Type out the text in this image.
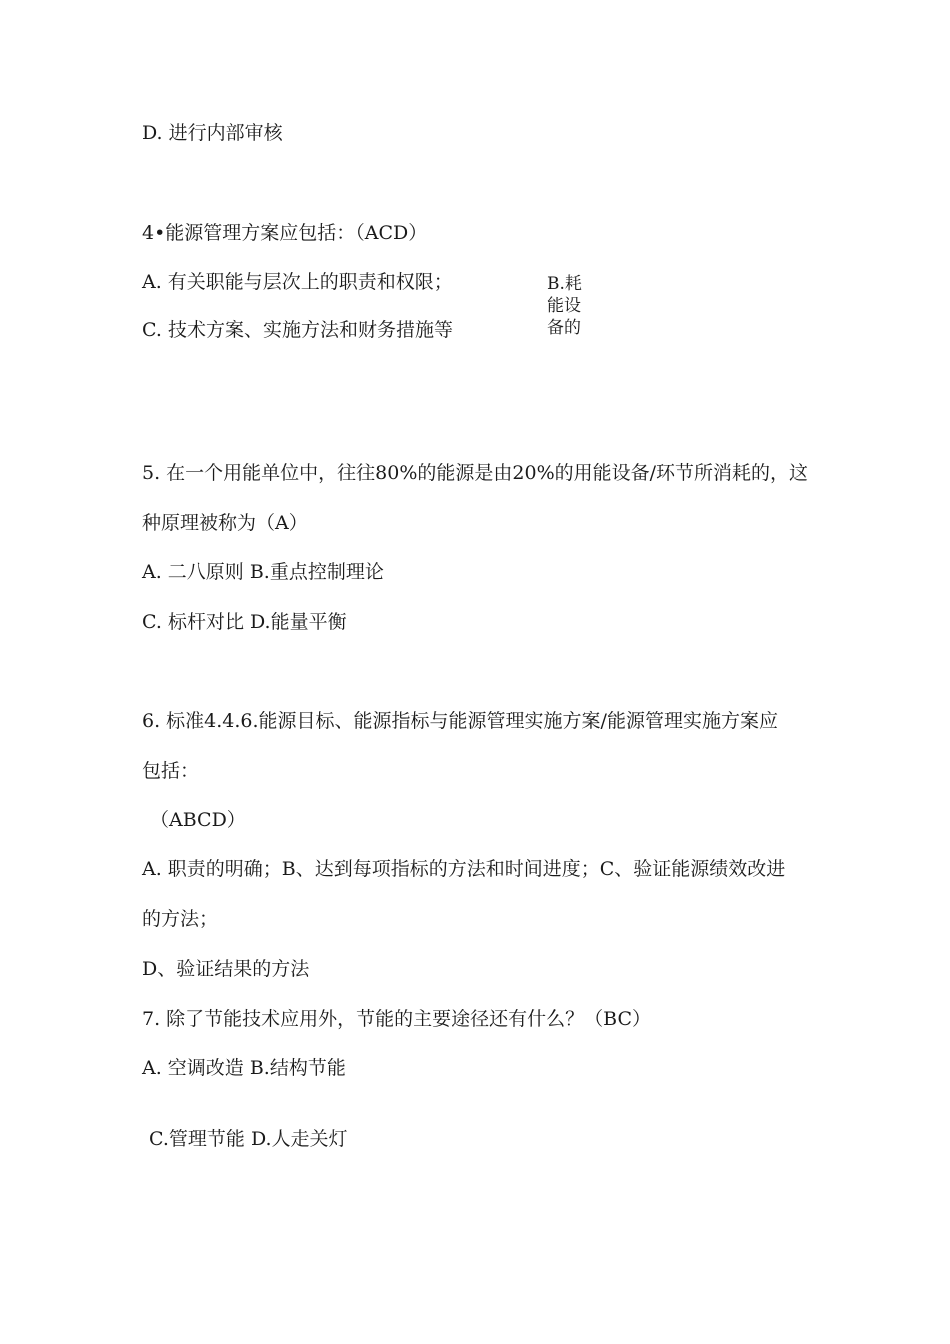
D. 进行内部审核
4•能源管理方案应包括：（ACD）
A. 有关职能与层次上的职责和权限；
C. 技术方案、实施方法和财务措施等
B.耗
能设
备的
5. 在一个用能单位中，往往80%的能源是由20%的用能设备/环节所消耗的，这
种原理被称为（A）
A. 二八原则 B.重点控制理论
C. 标杆对比 D.能量平衡
6. 标准4.4.6.能源目标、能源指标与能源管理实施方案/能源管理实施方案应
包括：
（ABCD）
A. 职责的明确；B、达到每项指标的方法和时间进度；C、验证能源绩效改进
的方法；
D、验证结果的方法
7. 除了节能技术应用外，节能的主要途径还有什么？（BC）
A. 空调改造 B.结构节能
C.管理节能 D.人走关灯
